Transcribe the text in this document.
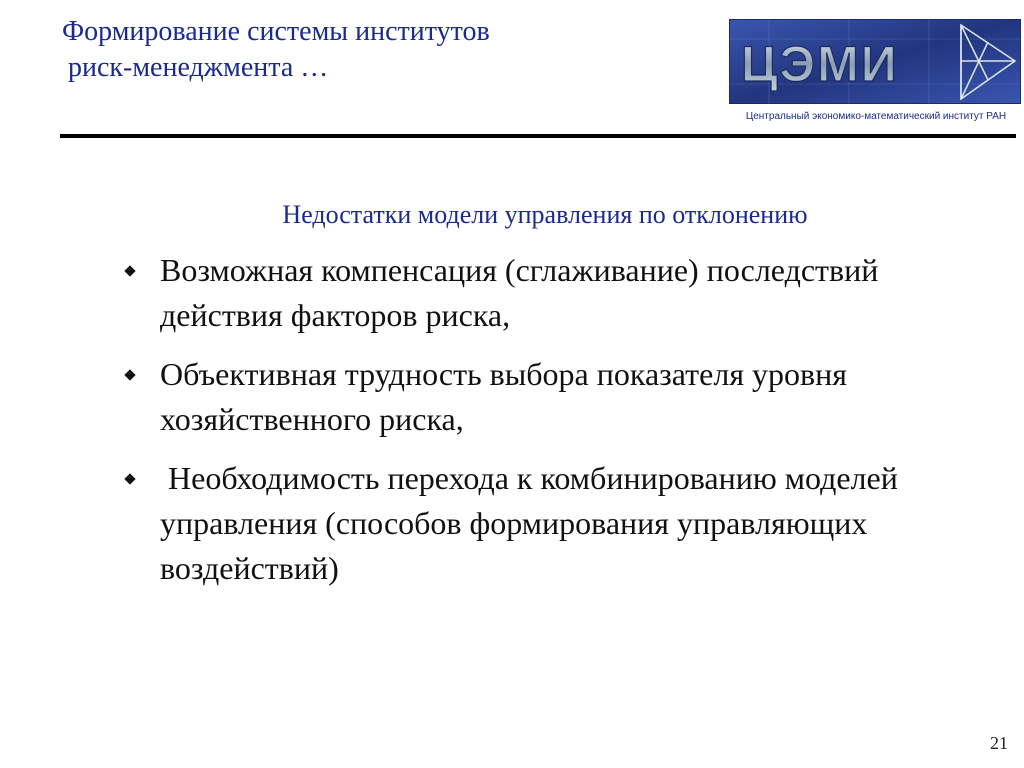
Формирование системы институтов
риск-менеджмента …	ЦЭМИ
Центральный экономико-математический институт РАН
Недостатки модели управления по отклонению
Возможная компенсация (сглаживание) последствий действия факторов риска,
Объективная трудность выбора показателя уровня хозяйственного риска,
Необходимость перехода к комбинированию моделей управления (способов формирования управляющих воздействий)
21
